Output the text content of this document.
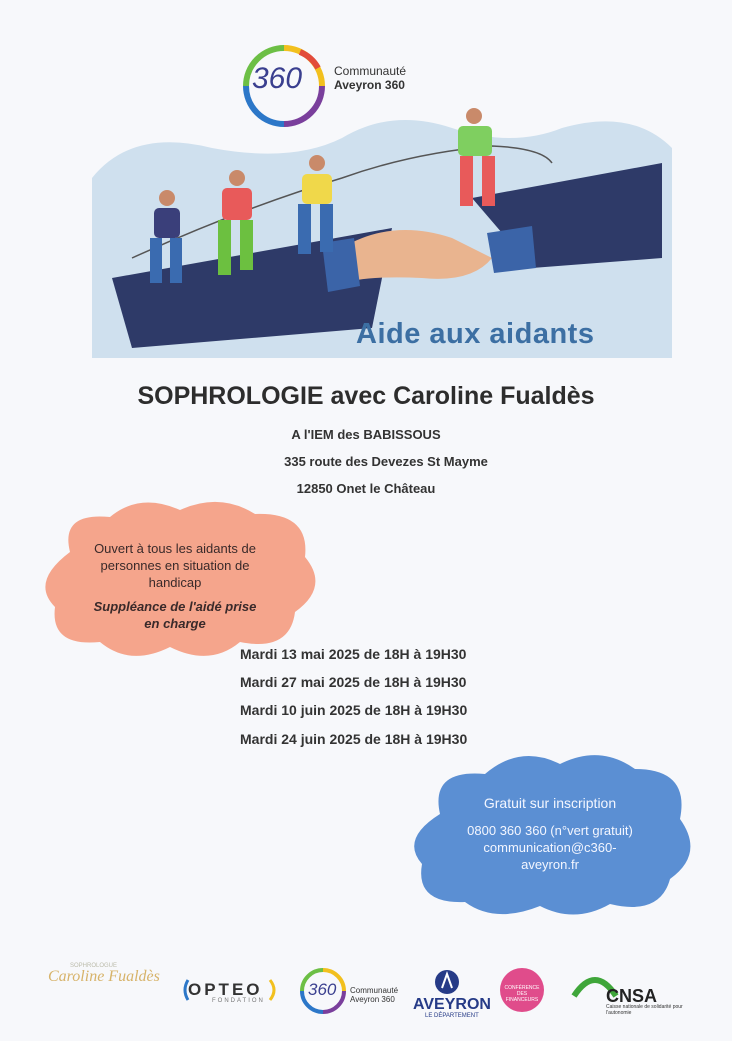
360	Communauté
Aveyron 360
Aide aux aidants
SOPHROLOGIE avec Caroline Fualdès
A l'IEM des BABISSOUS
335 route des Devezes St Mayme
12850 Onet le Château
Ouvert à tous les aidants de
personnes en situation de
handicap
Suppléance de l'aidé prise
en charge
Mardi 13 mai 2025 de 18H à 19H30
Mardi 27 mai 2025 de 18H à 19H30
Mardi 10 juin 2025 de 18H à 19H30
Mardi 24 juin 2025 de 18H à 19H30
Gratuit sur inscription
0800 360 360 (n°vert gratuit)
communication@c360-
aveyron.fr
SOPHROLOGUE
Caroline Fualdès
OPTEO
FONDATION
360 Communauté
Aveyron 360 AVEYRON
LE DÉPARTEMENT
CONFÉRENCE DES FINANCEURS	CNSA
Caisse nationale de solidarité pour l'autonomie
